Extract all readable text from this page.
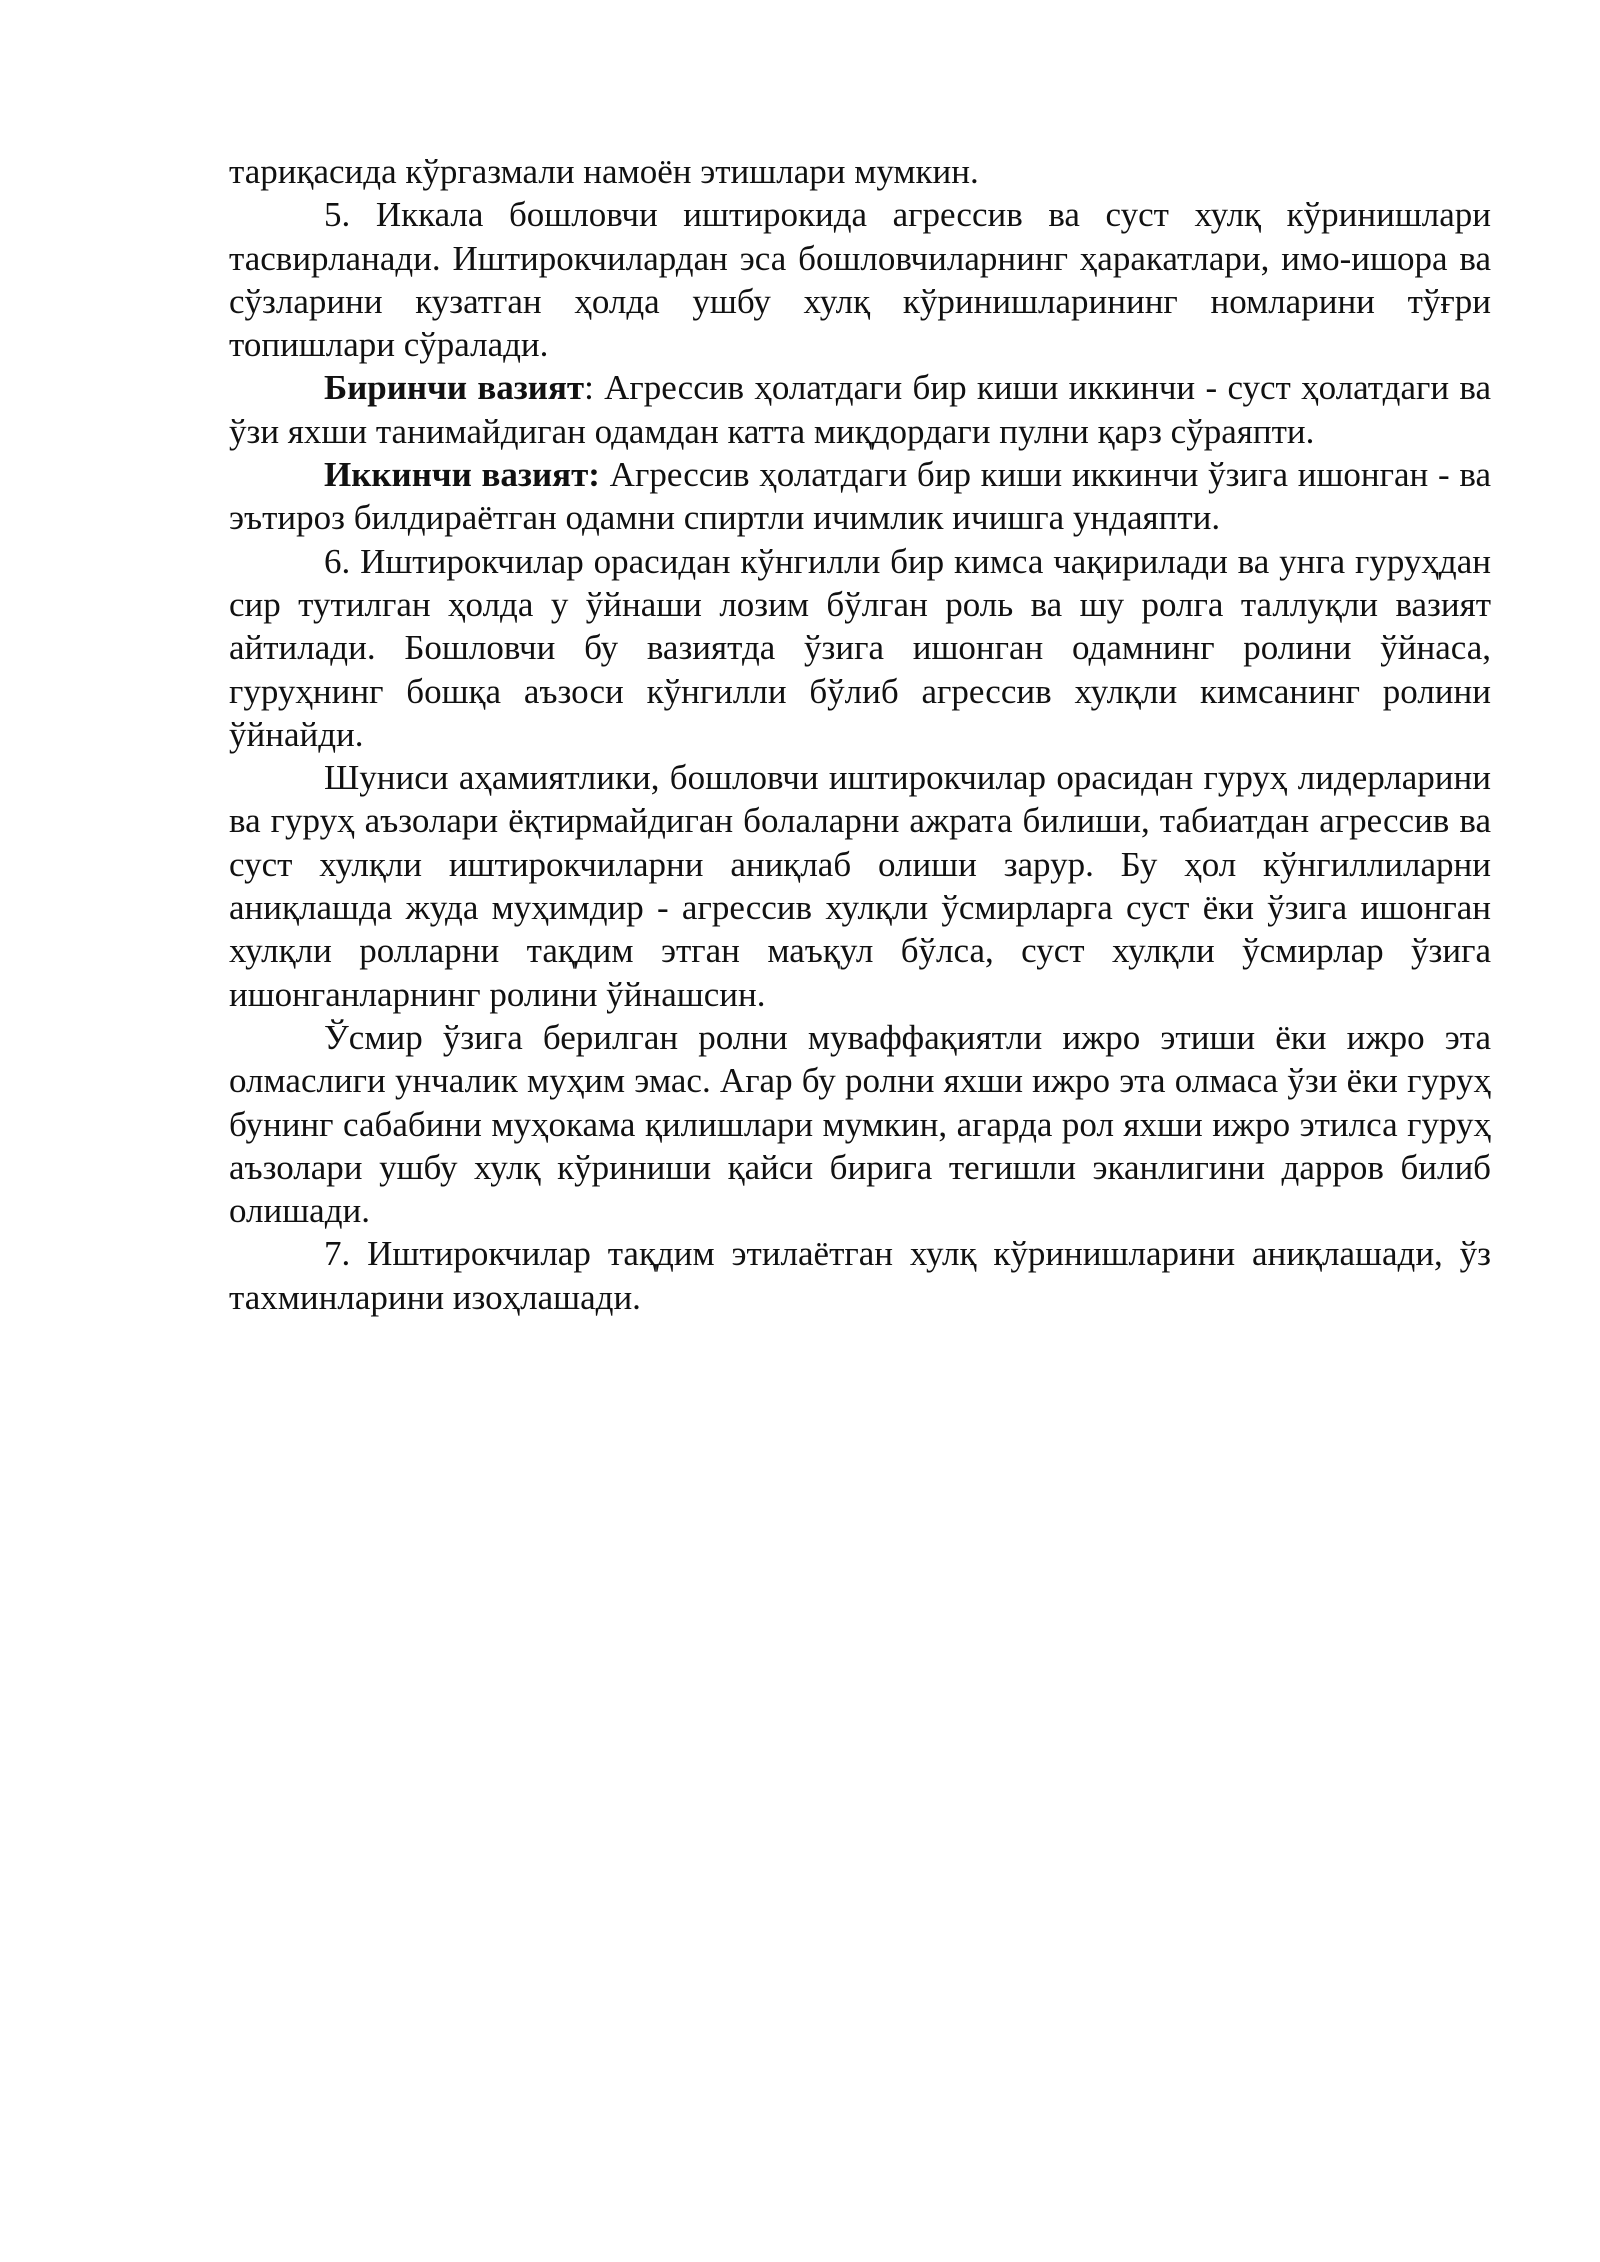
тариқасида кўргазмали намоён этишлари мумкин.

5. Иккала бошловчи иштирокида агрессив ва суст хулқ кўринишлари тасвирланади. Иштирокчилардан эса бошловчиларнинг ҳаракатлари, имо-ишора ва сўзларини кузатган ҳолда ушбу хулқ кўринишларининг номларини тўғри топишлари сўралади.

Биринчи вазият: Агрессив ҳолатдаги бир киши иккинчи - суст ҳолатдаги ва ўзи яхши танимайдиган одамдан катта миқдордаги пулни қарз сўраяпти.

Иккинчи вазият: Агрессив ҳолатдаги бир киши иккинчи ўзига ишонган - ва эътироз билдираётган одамни спиртли ичимлик ичишга ундаяпти.

6. Иштирокчилар орасидан кўнгилли бир кимса чақирилади ва унга гуруҳдан сир тутилган ҳолда у ўйнаши лозим бўлган роль ва шу ролга таллуқли вазият айтилади. Бошловчи бу вазиятда ўзига ишонган одамнинг ролини ўйнаса, гуруҳнинг бошқа аъзоси кўнгилли бўлиб агрессив хулқли кимсанинг ролини ўйнайди.

Шуниси аҳамиятлики, бошловчи иштирокчилар орасидан гуруҳ лидерларини ва гуруҳ аъзолари ёқтирмайдиган болаларни ажрата билиши, табиатдан агрессив ва суст хулқли иштирокчиларни аниқлаб олиши зарур. Бу ҳол кўнгиллиларни аниқлашда жуда муҳимдир - агрессив хулқли ўсмирларга суст ёки ўзига ишонган хулқли ролларни тақдим этган маъқул бўлса, суст хулқли ўсмирлар ўзига ишонганларнинг ролини ўйнашсин.

Ўсмир ўзига берилган ролни муваффақиятли ижро этиши ёки ижро эта олмаслиги унчалик муҳим эмас. Агар бу ролни яхши ижро эта олмаса ўзи ёки гуруҳ бунинг сабабини муҳокама қилишлари мумкин, агарда рол яхши ижро этилса гуруҳ аъзолари ушбу хулқ кўриниши қайси бирига тегишли эканлигини дарров билиб олишади.

7. Иштирокчилар тақдим этилаётган хулқ кўринишларини аниқлашади, ўз тахминларини изоҳлашади.
